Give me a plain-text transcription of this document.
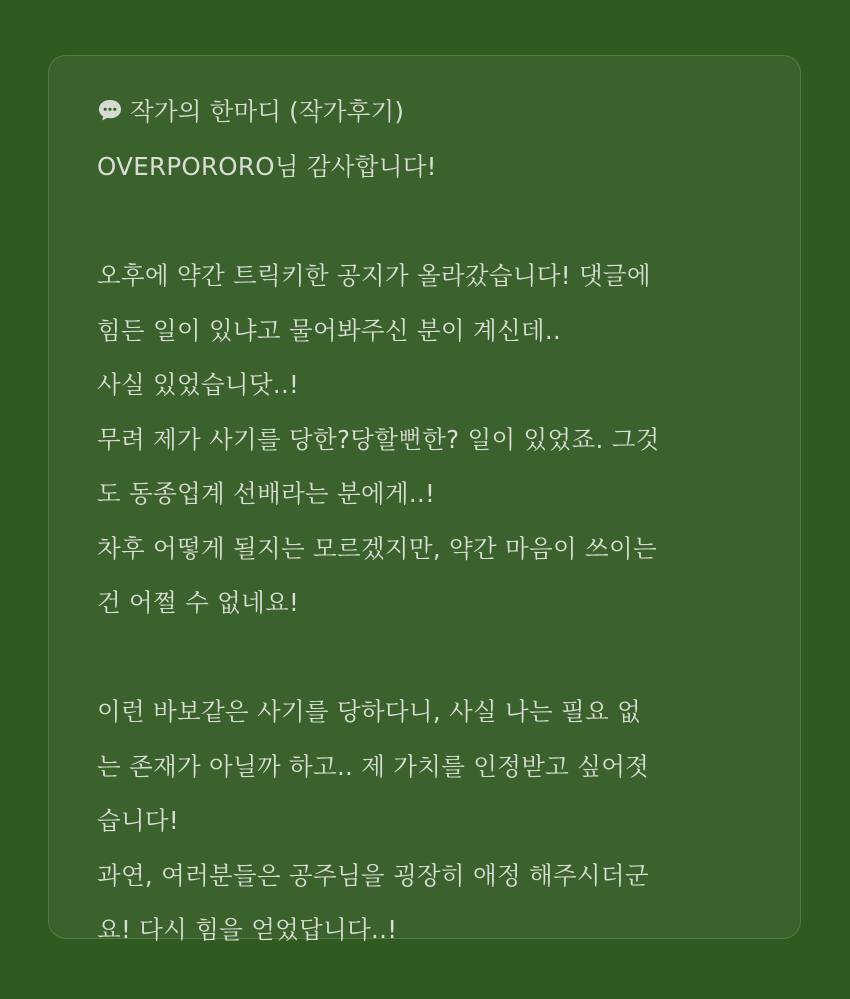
작가의 한마디 (작가후기)
OVERPORORO님 감사합니다!
오후에 약간 트릭키한 공지가 올라갔습니다! 댓글에
힘든 일이 있냐고 물어봐주신 분이 계신데..
사실 있었습니닷..!
무려 제가 사기를 당한?당할뻔한? 일이 있었죠. 그것
도 동종업계 선배라는 분에게..!
차후 어떻게 될지는 모르겠지만, 약간 마음이 쓰이는
건 어쩔 수 없네요!
이런 바보같은 사기를 당하다니, 사실 나는 필요 없
는 존재가 아닐까 하고.. 제 가치를 인정받고 싶어졋
습니다!
과연, 여러분들은 공주님을 굉장히 애정 해주시더군
요! 다시 힘을 얻었답니다..!
